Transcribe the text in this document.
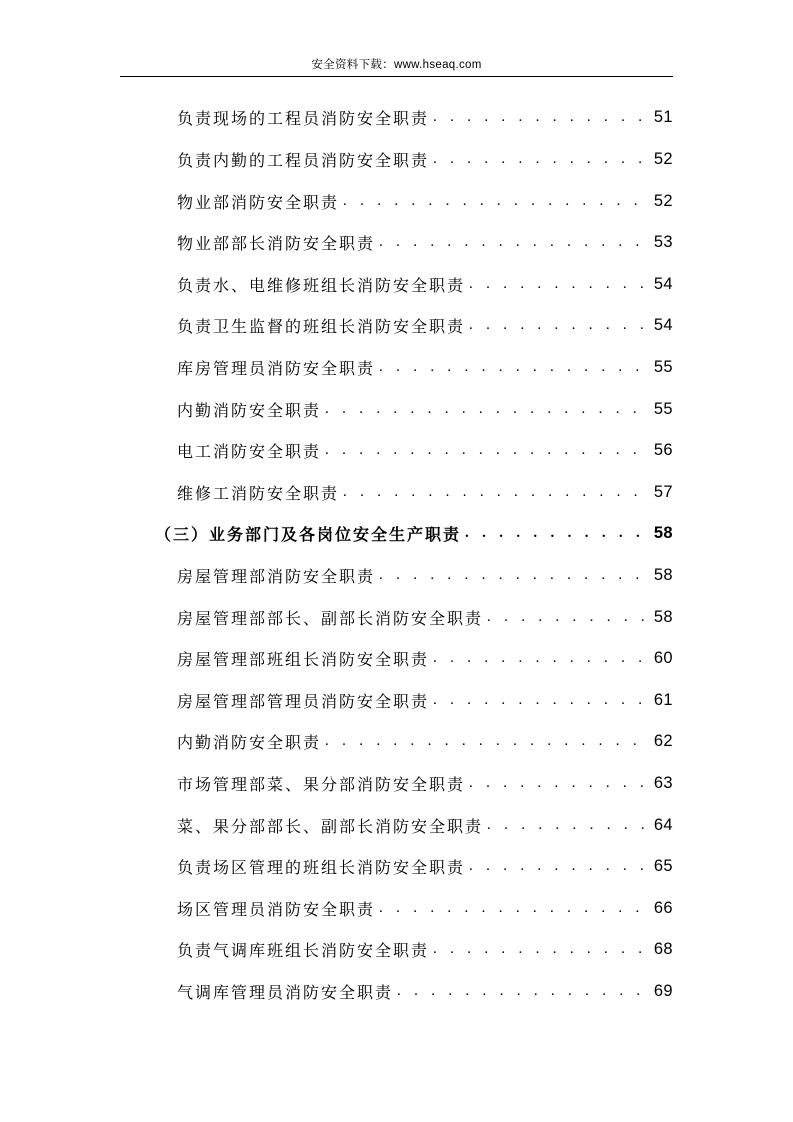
安全资料下载：www.hseaq.com
负责现场的工程员消防安全职责 . . .	51
负责内勤的工程员消防安全职责 . . .	52
物业部消防安全职责 . . .	52
物业部部长消防安全职责 . . .	53
负责水、电维修班组长消防安全职责 . . .	54
负责卫生监督的班组长消防安全职责 . . .	54
库房管理员消防安全职责 . . .	55
内勤消防安全职责 . . .	55
电工消防安全职责 . . .	56
维修工消防安全职责 . . .	57
（三）业务部门及各岗位安全生产职责 . . .	58
房屋管理部消防安全职责 . . .	58
房屋管理部部长、副部长消防安全职责 . . .	58
房屋管理部班组长消防安全职责 . . .	60
房屋管理部管理员消防安全职责 . . .	61
内勤消防安全职责 . . .	62
市场管理部菜、果分部消防安全职责 . . .	63
菜、果分部部长、副部长消防安全职责 . . .	64
负责场区管理的班组长消防安全职责 . . .	65
场区管理员消防安全职责 . . .	66
负责气调库班组长消防安全职责 . . .	68
气调库管理员消防安全职责 . . .	69
